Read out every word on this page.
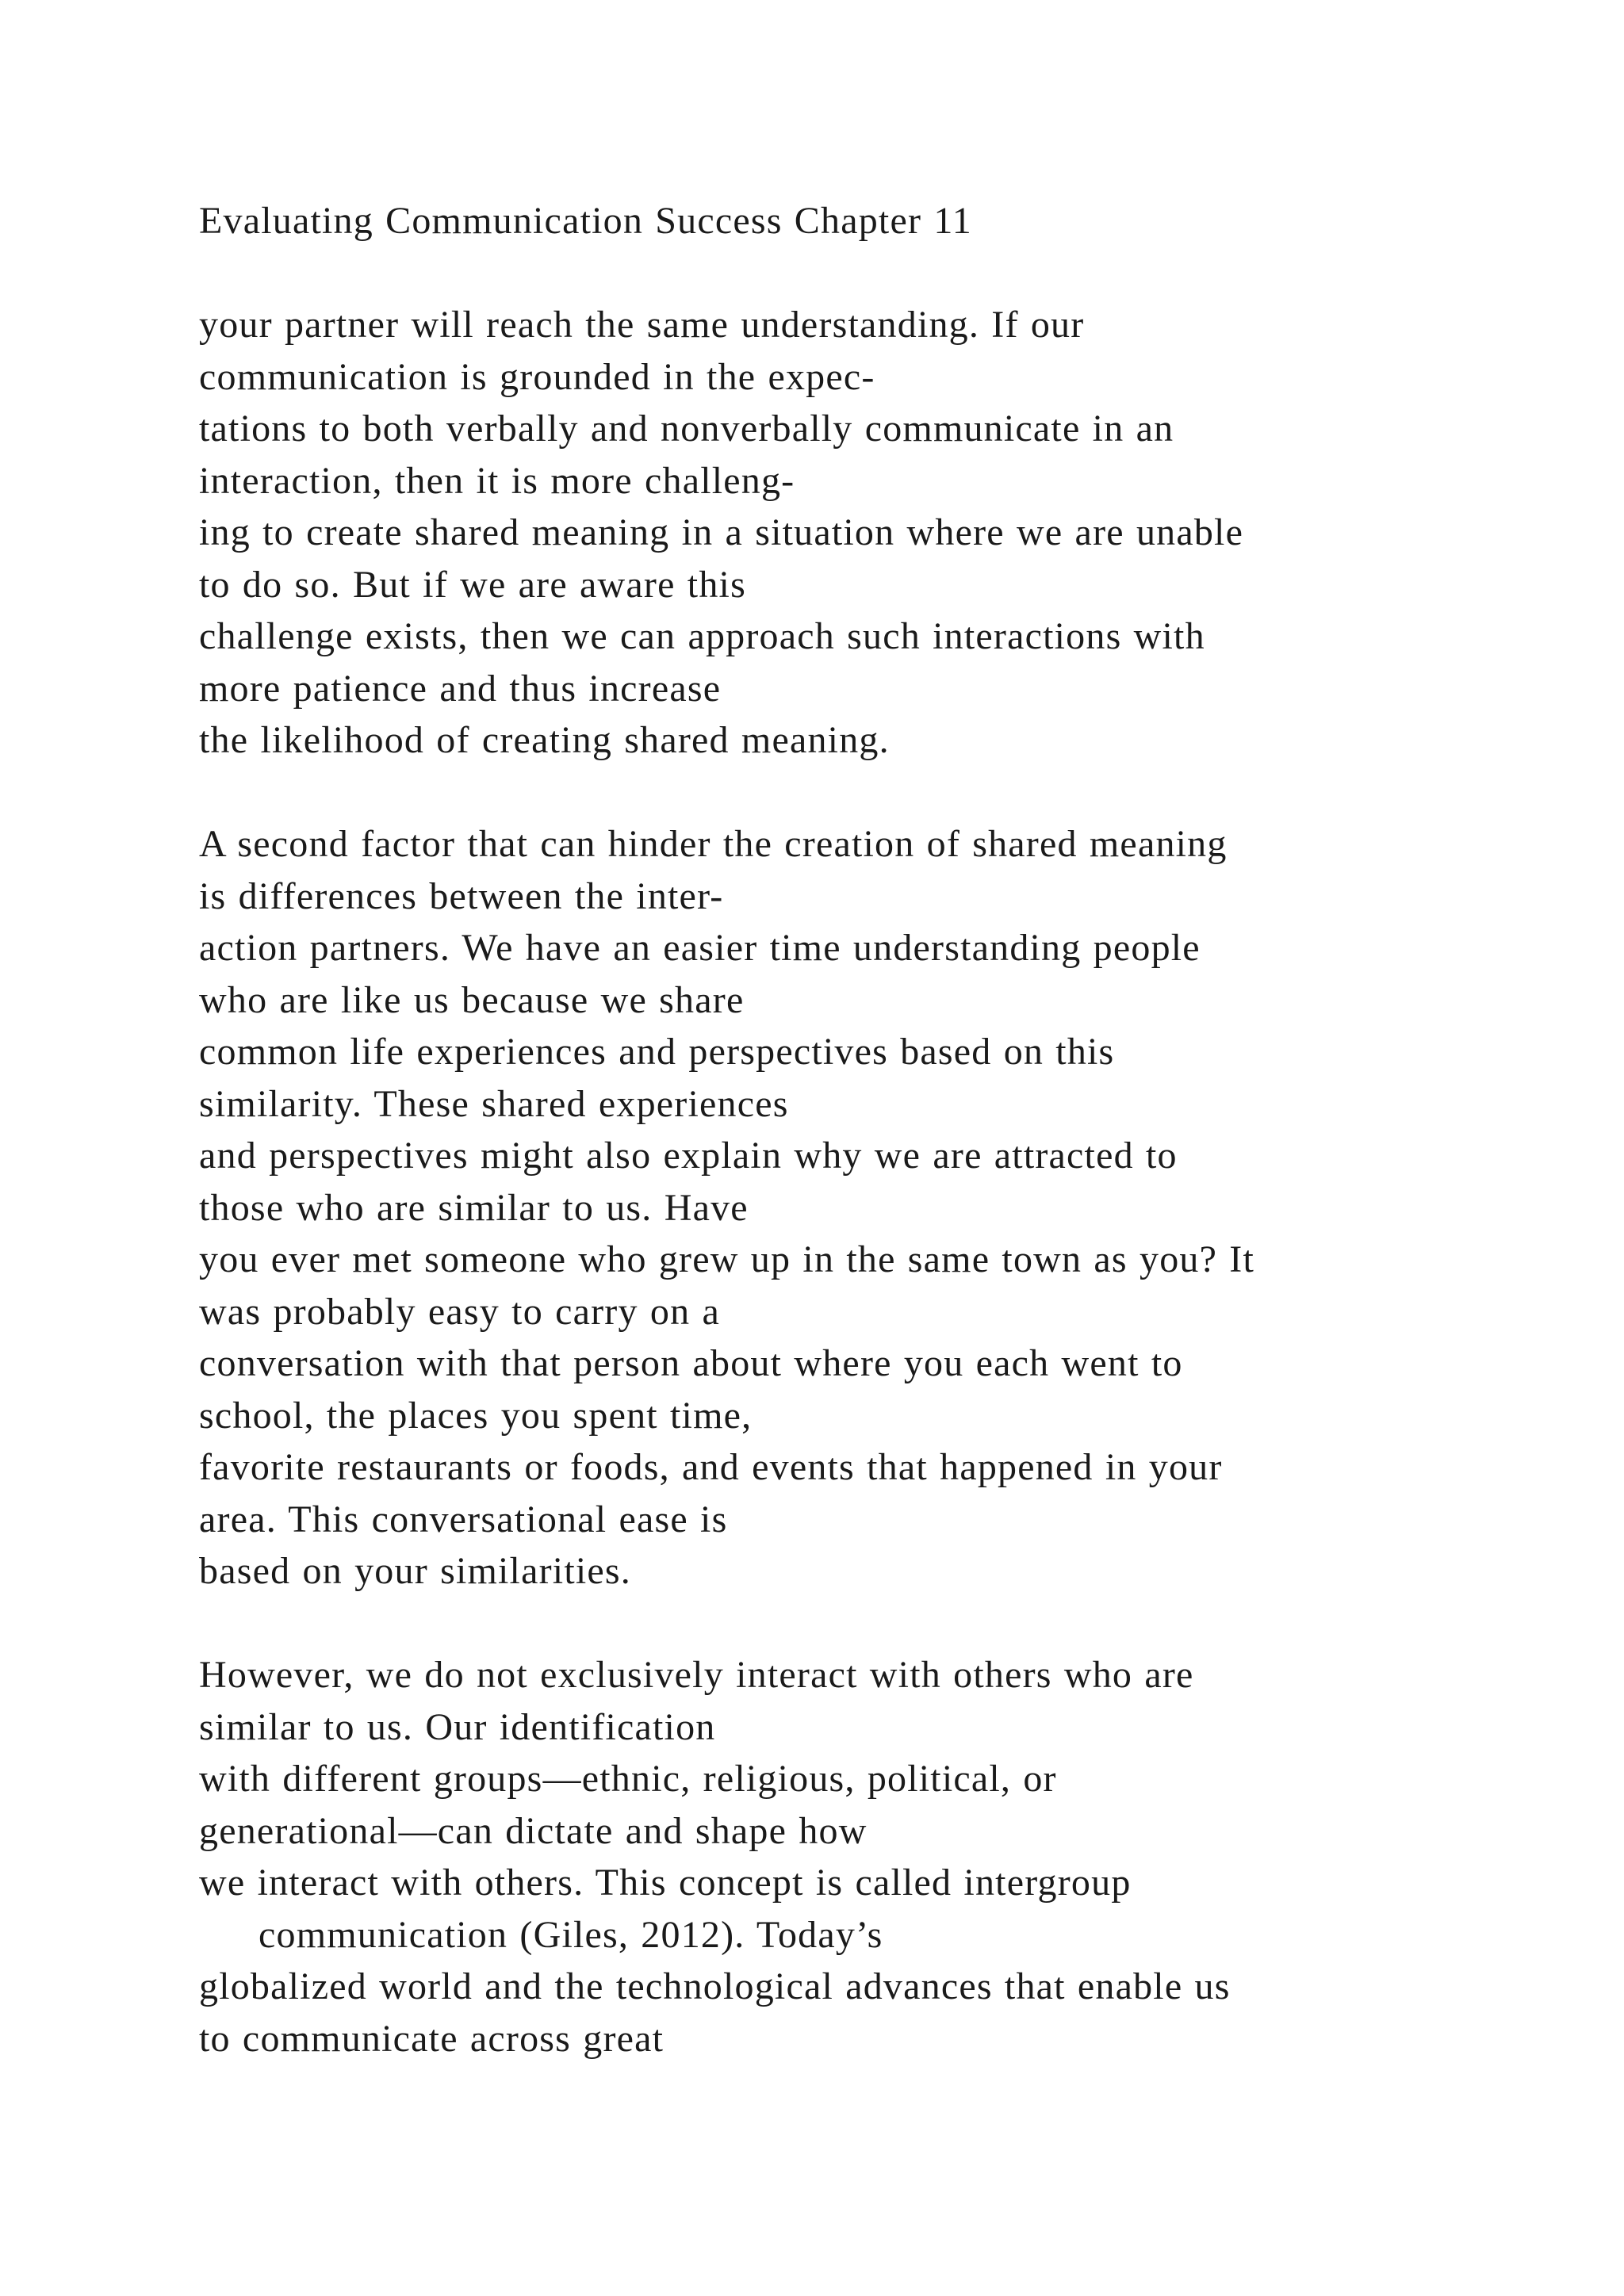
Evaluating Communication Success Chapter 11
your partner will reach the same understanding. If our
communication is grounded in the expec-
tations to both verbally and nonverbally communicate in an
interaction, then it is more challeng-
ing to create shared meaning in a situation where we are unable
to do so. But if we are aware this
challenge exists, then we can approach such interactions with
more patience and thus increase
the likelihood of creating shared meaning.
A second factor that can hinder the creation of shared meaning
is differences between the inter-
action partners. We have an easier time understanding people
who are like us because we share
common life experiences and perspectives based on this
similarity. These shared experiences
and perspectives might also explain why we are attracted to
those who are similar to us. Have
you ever met someone who grew up in the same town as you? It
was probably easy to carry on a
conversation with that person about where you each went to
school, the places you spent time,
favorite restaurants or foods, and events that happened in your
area. This conversational ease is
based on your similarities.
However, we do not exclusively interact with others who are
similar to us. Our identification
with different groups—ethnic, religious, political, or
generational—can dictate and shape how
we interact with others. This concept is called intergroup
communication (Giles, 2012). Today’s
globalized world and the technological advances that enable us
to communicate across great
